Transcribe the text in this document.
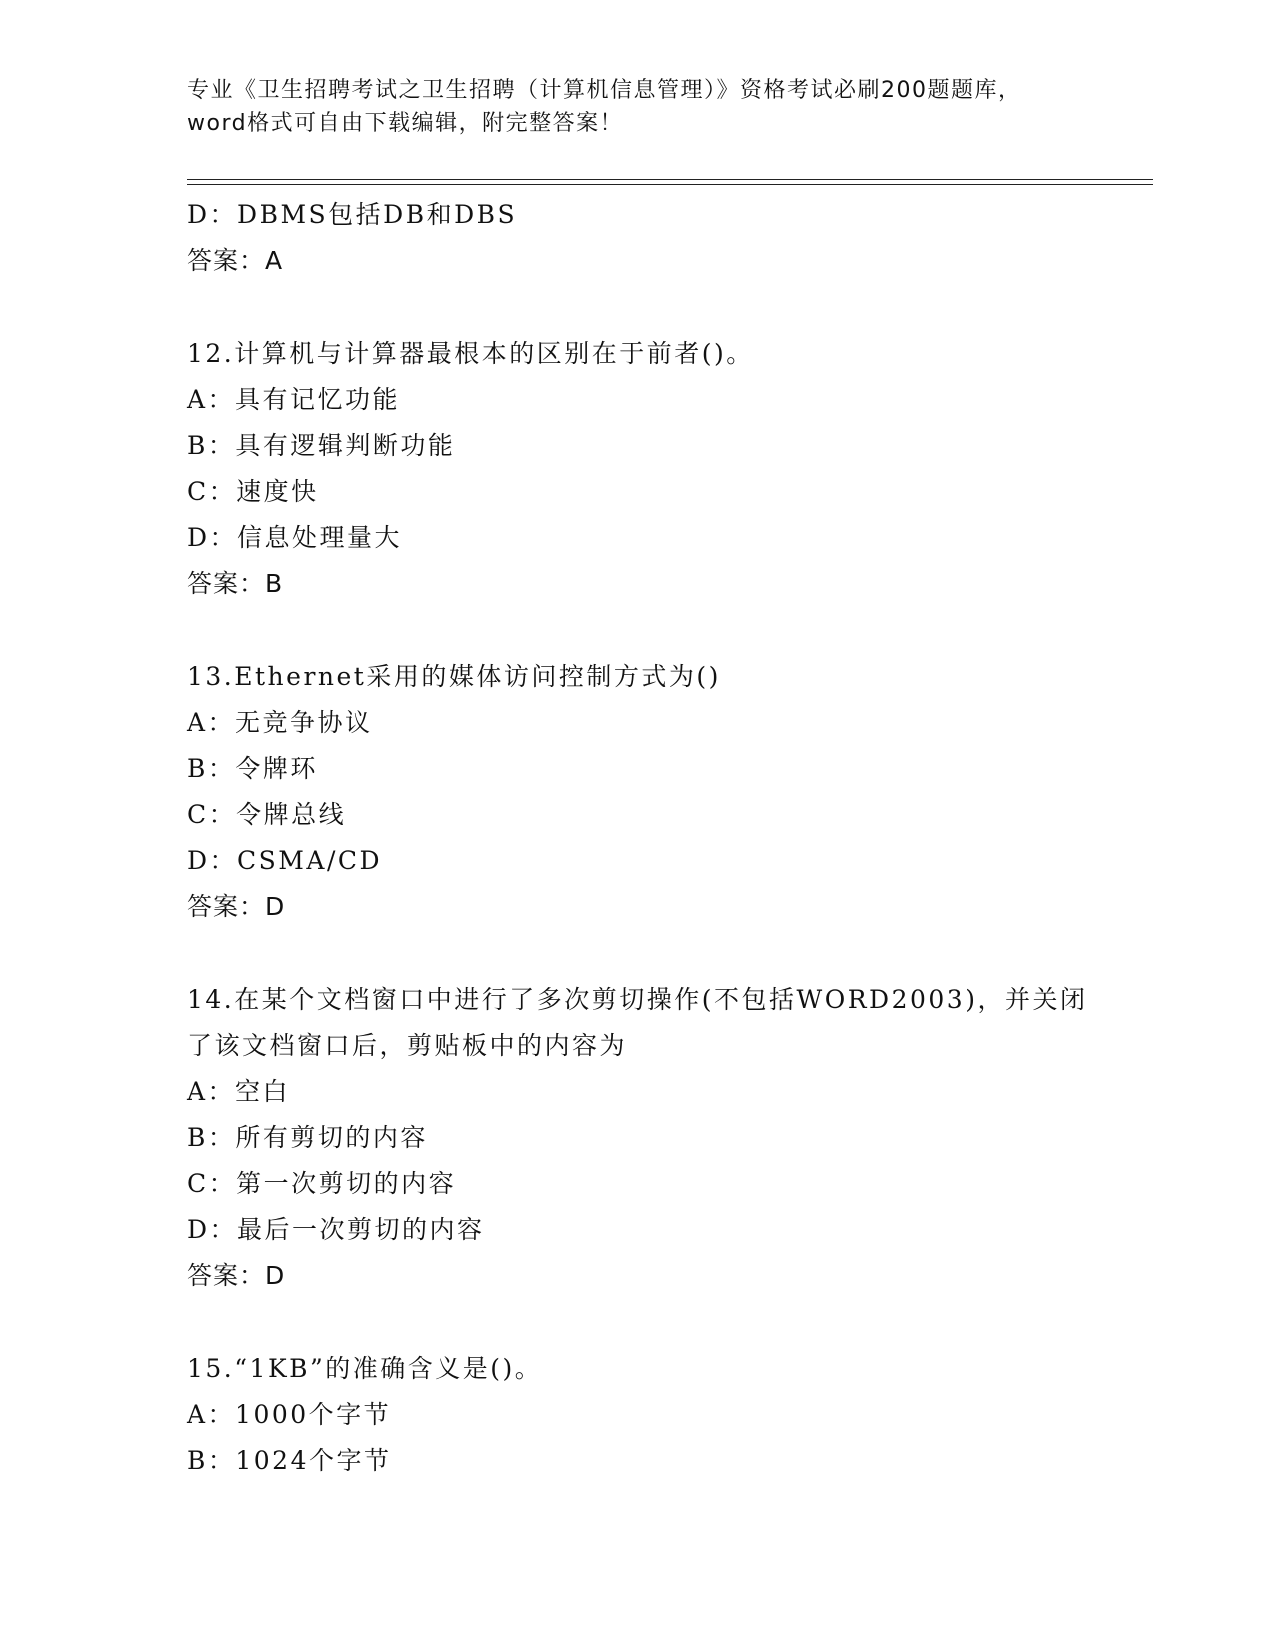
专业《卫生招聘考试之卫生招聘（计算机信息管理）》资格考试必刷200题题库，
word格式可自由下载编辑，附完整答案！
D：DBMS包括DB和DBS
答案：A
12.计算机与计算器最根本的区别在于前者()。
A：具有记忆功能
B：具有逻辑判断功能
C：速度快
D：信息处理量大
答案：B
13.Ethernet采用的媒体访问控制方式为()
A：无竞争协议
B：令牌环
C：令牌总线
D：CSMA/CD
答案：D
14.在某个文档窗口中进行了多次剪切操作(不包括WORD2003)，并关闭
了该文档窗口后，剪贴板中的内容为
A：空白
B：所有剪切的内容
C：第一次剪切的内容
D：最后一次剪切的内容
答案：D
15.“1KB”的准确含义是()。
A：1000个字节
B：1024个字节
